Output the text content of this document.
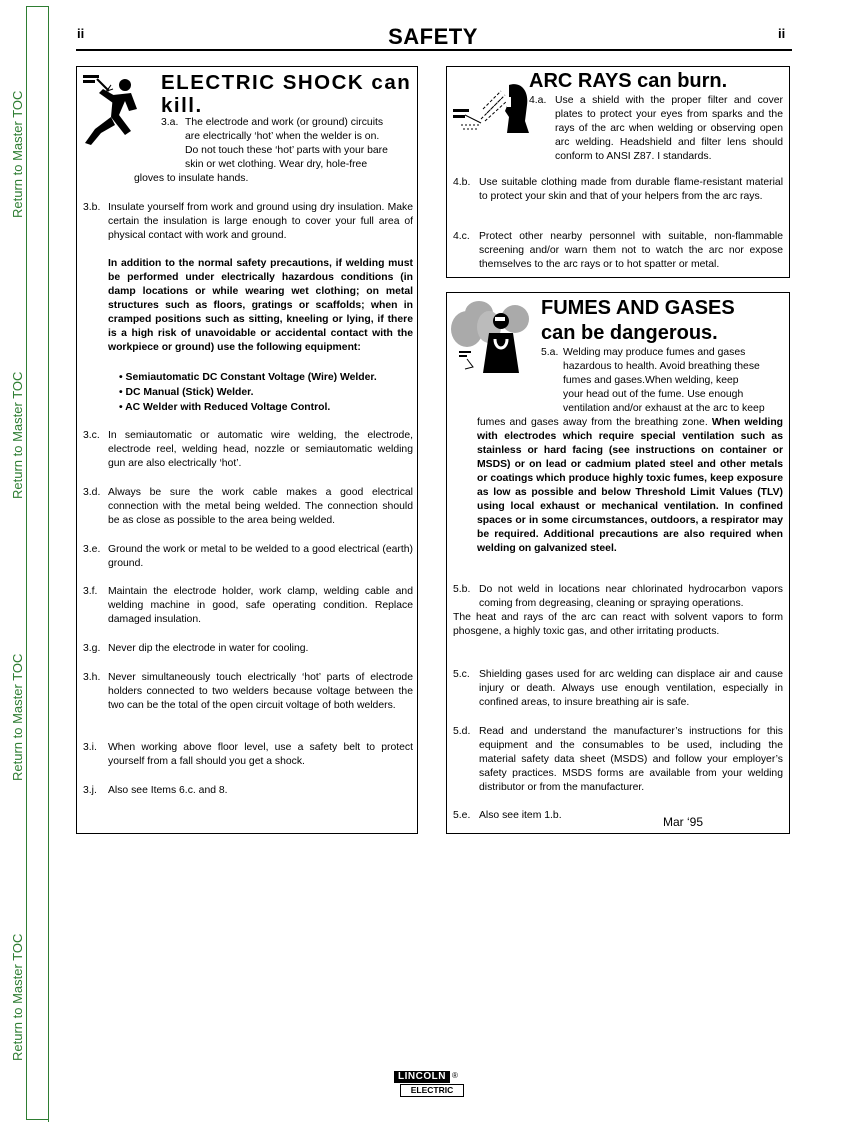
Return to Master TOC
Return to Master TOC
Return to Master TOC
Return to Master TOC
ii	ii
SAFETY
ELECTRIC SHOCK can kill.
3.a. The electrode and work (or ground) circuits
are electrically ‘hot’ when the welder is on.
Do not touch these ‘hot’ parts with your bare
skin or wet clothing. Wear dry, hole-free
gloves to insulate hands.
3.b. Insulate yourself from work and ground using dry insulation. Make certain the insulation is large enough to cover your full area of physical contact with work and ground.
In addition to the normal safety precautions, if welding must be performed under electrically hazardous conditions (in damp locations or while wearing wet clothing; on metal structures such as floors, gratings or scaffolds; when in cramped positions such as sitting, kneeling or lying, if there is a high risk of unavoidable or accidental contact with the workpiece or ground) use the following equipment:
• Semiautomatic DC Constant Voltage (Wire) Welder.
• DC Manual (Stick) Welder.
• AC Welder with Reduced Voltage Control.
3.c. In semiautomatic or automatic wire welding, the electrode, electrode reel, welding head, nozzle or semiautomatic welding gun are also electrically ‘hot’.
3.d. Always be sure the work cable makes a good electrical connection with the metal being welded. The connection should be as close as possible to the area being welded.
3.e. Ground the work or metal to be welded to a good electrical (earth) ground.
3.f. Maintain the electrode holder, work clamp, welding cable and welding machine in good, safe operating condition. Replace damaged insulation.
3.g. Never dip the electrode in water for cooling.
3.h. Never simultaneously touch electrically ‘hot’ parts of electrode holders connected to two welders because voltage between the two can be the total of the open circuit voltage of both welders.
3.i. When working above floor level, use a safety belt to protect yourself from a fall should you get a shock.
3.j. Also see Items 6.c. and 8.
ARC RAYS can burn.
4.a. Use a shield with the proper filter and cover plates to protect your eyes from sparks and the rays of the arc when welding or observing open arc welding. Headshield and filter lens should conform to ANSI Z87. I standards.
4.b. Use suitable clothing made from durable flame-resistant material to protect your skin and that of your helpers from the arc rays.
4.c. Protect other nearby personnel with suitable, non-flammable screening and/or warn them not to watch the arc nor expose themselves to the arc rays or to hot spatter or metal.
FUMES AND GASES
can be dangerous.
5.a. Welding may produce fumes and gases
hazardous to health. Avoid breathing these
fumes and gases.When welding, keep
your head out of the fume. Use enough
ventilation and/or exhaust at the arc to keep
fumes and gases away from the breathing zone. When welding with electrodes which require special ventilation such as stainless or hard facing (see instructions on container or MSDS) or on lead or cadmium plated steel and other metals or coatings which produce highly toxic fumes, keep exposure as low as possible and below Threshold Limit Values (TLV) using local exhaust or mechanical ventilation. In confined spaces or in some circumstances, outdoors, a respirator may be required. Additional precautions are also required when welding on galvanized steel.
5.b. Do not weld in locations near chlorinated hydrocarbon vapors coming from degreasing, cleaning or spraying operations.
The heat and rays of the arc can react with solvent vapors to form phosgene, a highly toxic gas, and other irritating products.
5.c. Shielding gases used for arc welding can displace air and cause injury or death. Always use enough ventilation, especially in confined areas, to insure breathing air is safe.
5.d. Read and understand the manufacturer’s instructions for this equipment and the consumables to be used, including the material safety data sheet (MSDS) and follow your employer’s safety practices. MSDS forms are available from your welding distributor or from the manufacturer.
5.e. Also see item 1.b.	Mar ‘95
LINCOLN ®
ELECTRIC
